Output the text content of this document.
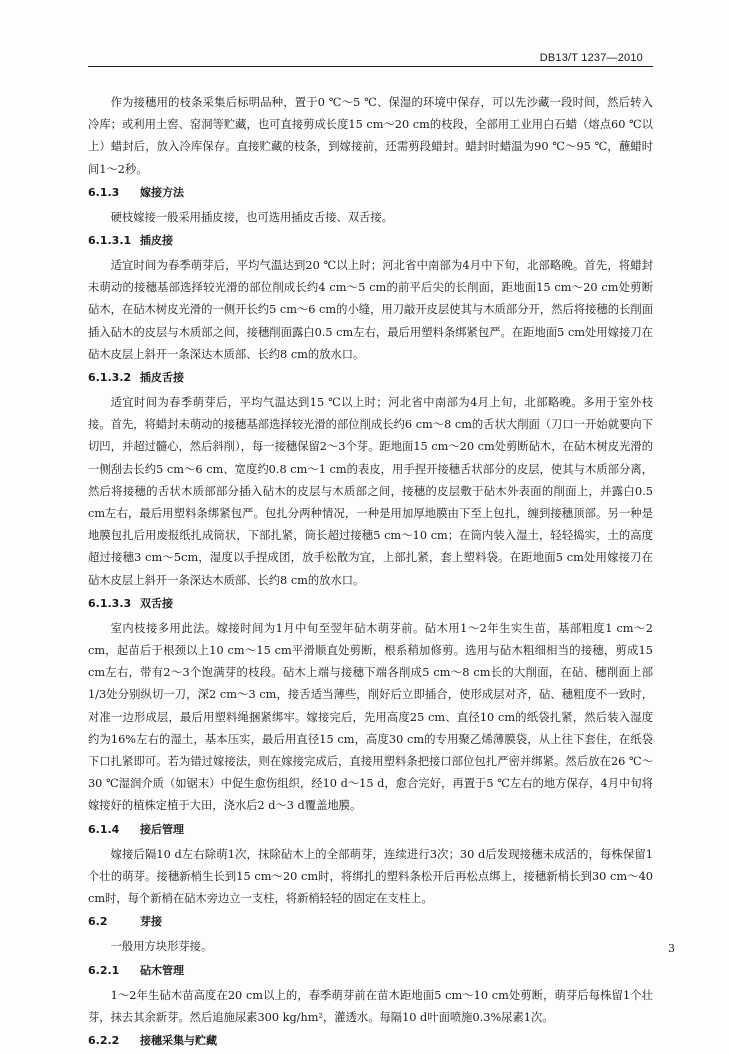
DB13/T 1237—2010

作为接穗用的枝条采集后标明品种，置于0 ℃～5 ℃、保湿的环境中保存，可以先沙藏一段时间，然后转入冷库；或利用土窖、窑洞等贮藏，也可直接剪成长度15 cm～20 cm的枝段，全部用工业用白石蜡（熔点60 ℃以上）蜡封后，放入冷库保存。直接贮藏的枝条，到嫁接前，还需剪段蜡封。蜡封时蜡温为90 ℃～95 ℃，蘸蜡时间1～2秒。

6.1.3 嫁接方法

硬枝嫁接一般采用插皮接，也可选用插皮舌接、双舌接。

6.1.3.1 插皮接

适宜时间为春季萌芽后，平均气温达到20 ℃以上时；河北省中南部为4月中下旬，北部略晚。首先，将蜡封未萌动的接穗基部选择较光滑的部位削成长约4 cm～5 cm的前平后尖的长削面，距地面15 cm～20 cm处剪断砧木，在砧木树皮光滑的一侧开长约5 cm～6 cm的小缝，用刀敲开皮层使其与木质部分开，然后将接穗的长削面插入砧木的皮层与木质部之间，接穗削面露白0.5 cm左右，最后用塑料条绑紧包严。在距地面5 cm处用嫁接刀在砧木皮层上斜开一条深达木质部、长约8 cm的放水口。

6.1.3.2 插皮舌接

适宜时间为春季萌芽后，平均气温达到15 ℃以上时；河北省中南部为4月上旬，北部略晚。多用于室外枝接。首先，将蜡封未萌动的接穗基部选择较光滑的部位削成长约6 cm～8 cm的舌状大削面（刀口一开始就要向下切凹，并超过髓心，然后斜削），每一接穗保留2～3个芽。距地面15 cm～20 cm处剪断砧木，在砧木树皮光滑的一侧刮去长约5 cm～6 cm、宽度约0.8 cm～1 cm的表皮，用手捏开接穗舌状部分的皮层，使其与木质部分离，然后将接穗的舌状木质部部分插入砧木的皮层与木质部之间，接穗的皮层敷于砧木外表面的削面上，并露白0.5 cm左右，最后用塑料条绑紧包严。包扎分两种情况，一种是用加厚地膜由下至上包扎，缠到接穗顶部。另一种是地膜包扎后用废报纸扎成筒状，下部扎紧，筒长超过接穗5 cm～10 cm；在筒内装入湿土，轻轻捣实，土的高度超过接穗3 cm～5cm，湿度以手捏成团，放手松散为宜，上部扎紧，套上塑料袋。在距地面5 cm处用嫁接刀在砧木皮层上斜开一条深达木质部、长约8 cm的放水口。

6.1.3.3 双舌接

室内枝接多用此法。嫁接时间为1月中旬至翌年砧木萌芽前。砧木用1～2年生实生苗，基部粗度1 cm～2 cm，起苗后于根颈以上10 cm～15 cm平滑顺直处剪断，根系稍加修剪。选用与砧木粗细相当的接穗，剪成15 cm左右，带有2～3个饱满芽的枝段。砧木上端与接穗下端各削成5 cm～8 cm长的大削面，在砧、穗削面上部1/3处分别纵切一刀，深2 cm～3 cm，接舌适当薄些，削好后立即插合，使形成层对齐，砧、穗粗度不一致时，对准一边形成层，最后用塑料绳捆紧绑牢。嫁接完后，先用高度25 cm、直径10 cm的纸袋扎紧，然后装入湿度约为16%左右的湿土，基本压实，最后用直径15 cm，高度30 cm的专用聚乙烯薄膜袋，从上往下套住，在纸袋下口扎紧即可。若为错过嫁接法，则在嫁接完成后，直接用塑料条把接口部位包扎严密并绑紧。然后放在26 ℃～30 ℃湿润介质（如锯末）中促生愈伤组织，经10 d～15 d，愈合完好，再置于5 ℃左右的地方保存，4月中旬将嫁接好的植株定植于大田，浇水后2 d～3 d覆盖地膜。

6.1.4 接后管理

嫁接后隔10 d左右除萌1次，抹除砧木上的全部萌芽，连续进行3次；30 d后发现接穗未成活的，每株保留1个壮的萌芽。接穗新梢生长到15 cm～20 cm时，将绑扎的塑料条松开后再松点绑上，接穗新梢长到30 cm～40 cm时，每个新梢在砧木旁边立一支柱，将新梢轻轻的固定在支柱上。

6.2	芽接

一般用方块形芽接。

6.2.1 砧木管理

1～2年生砧木苗高度在20 cm以上的，春季萌芽前在苗木距地面5 cm～10 cm处剪断，萌芽后每株留1个壮芽，抹去其余新芽。然后追施尿素300 kg/hm²，灌透水。每隔10 d叶面喷施0.3%尿素1次。

6.2.2 接穗采集与贮藏
3
